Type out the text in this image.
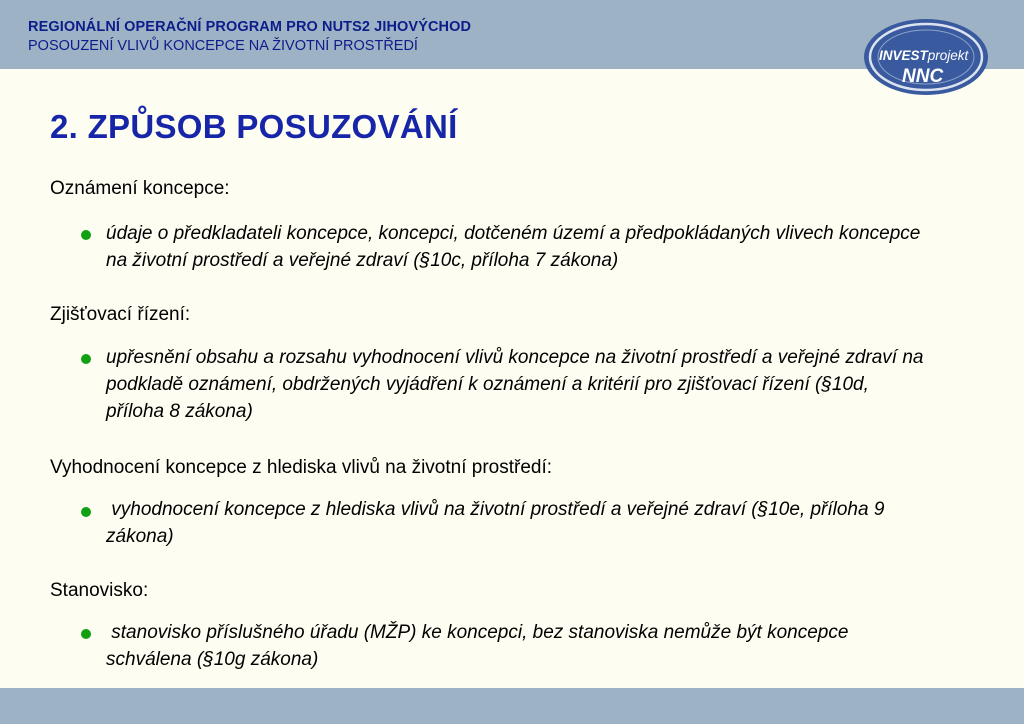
REGIONÁLNÍ OPERAČNÍ PROGRAM PRO NUTS2 JIHOVÝCHOD
POSOUZENÍ VLIVŮ KONCEPCE NA ŽIVOTNÍ PROSTŘEDÍ
INVESTprojekt
NNC
2. ZPŮSOB POSUZOVÁNÍ
Oznámení koncepce:
údaje o předkladateli koncepce, koncepci, dotčeném území a předpokládaných vlivech koncepce na životní prostředí a veřejné zdraví (§10c, příloha 7 zákona)
Zjišťovací řízení:
upřesnění obsahu a rozsahu vyhodnocení vlivů koncepce na životní prostředí a veřejné zdraví na podkladě oznámení, obdržených vyjádření k oznámení a kritérií pro zjišťovací řízení (§10d, příloha 8 zákona)
Vyhodnocení koncepce z hlediska vlivů na životní prostředí:
vyhodnocení koncepce z hlediska vlivů na životní prostředí a veřejné zdraví (§10e, příloha 9 zákona)
Stanovisko:
stanovisko příslušného úřadu (MŽP) ke koncepci, bez stanoviska nemůže být koncepce schválena (§10g zákona)
